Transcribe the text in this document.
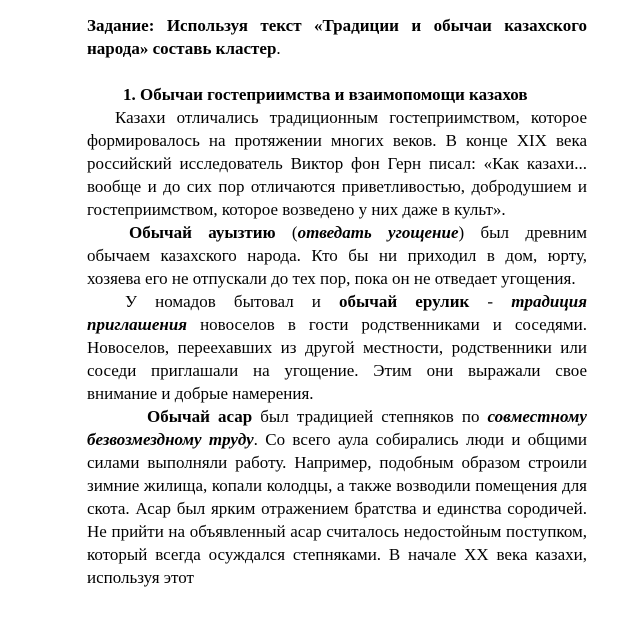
Задание: Используя текст «Традиции и обычаи казахского народа» составь кластер.

1. Обычаи гостеприимства и взаимопомощи казахов

Казахи отличались традиционным гостеприимством, которое формировалось на протяжении многих веков. В конце XIX века российский исследователь Виктор фон Герн писал: «Как казахи... вообще и до сих пор отличаются приветливостью, добродушием и гостеприимством, которое возведено у них даже в культ».

Обычай ауызтию (отведать угощение) был древним обычаем казахского народа. Кто бы ни приходил в дом, юрту, хозяева его не отпускали до тех пор, пока он не отведает угощения.

У номадов бытовал и обычай ерулик - традиция приглашения новоселов в гости родственниками и соседями. Новоселов, переехавших из другой местности, родственники или соседи приглашали на угощение. Этим они выражали свое внимание и добрые намерения.

Обычай асар был традицией степняков по совместному безвозмездному труду. Со всего аула собирались люди и общими силами выполняли работу. Например, подобным образом строили зимние жилища, копали колодцы, а также возводили помещения для скота. Асар был ярким отражением братства и единства сородичей. Не прийти на объявленный асар считалось недостойным поступком, который всегда осуждался степняками. В начале XX века казахи, используя этот
